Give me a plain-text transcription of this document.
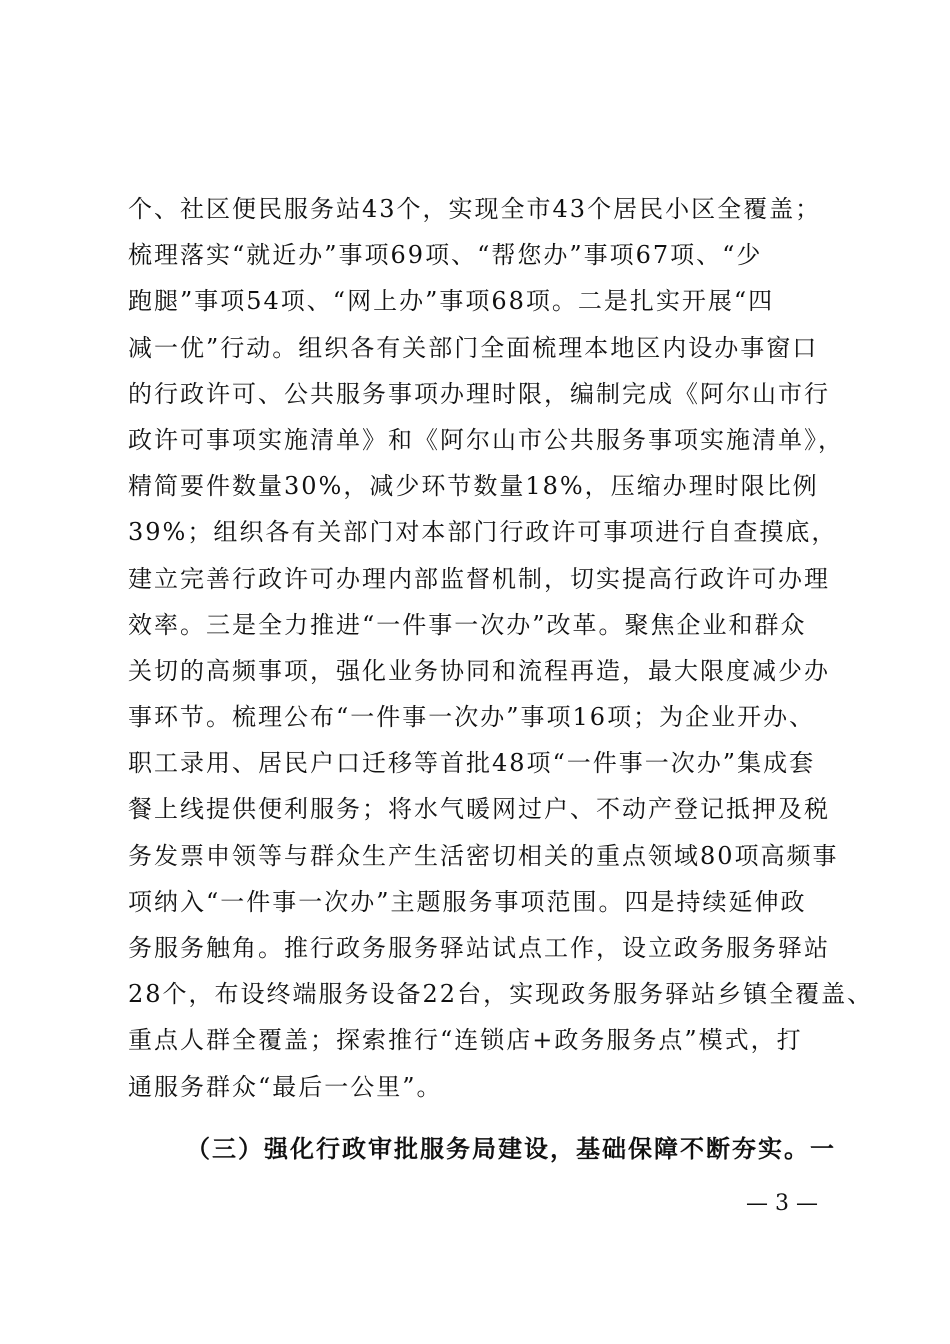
个、社区便民服务站43个，实现全市43个居民小区全覆盖；
梳理落实“就近办”事项69项、“帮您办”事项67项、“少
跑腿”事项54项、“网上办”事项68项。二是扎实开展“四
减一优”行动。组织各有关部门全面梳理本地区内设办事窗口
的行政许可、公共服务事项办理时限，编制完成《阿尔山市行
政许可事项实施清单》和《阿尔山市公共服务事项实施清单》，
精简要件数量30%，减少环节数量18%，压缩办理时限比例
39%；组织各有关部门对本部门行政许可事项进行自查摸底，
建立完善行政许可办理内部监督机制，切实提高行政许可办理
效率。三是全力推进“一件事一次办”改革。聚焦企业和群众
关切的高频事项，强化业务协同和流程再造，最大限度减少办
事环节。梳理公布“一件事一次办”事项16项；为企业开办、
职工录用、居民户口迁移等首批48项“一件事一次办”集成套
餐上线提供便利服务；将水气暖网过户、不动产登记抵押及税
务发票申领等与群众生产生活密切相关的重点领域80项高频事
项纳入“一件事一次办”主题服务事项范围。四是持续延伸政
务服务触角。推行政务服务驿站试点工作，设立政务服务驿站
28个，布设终端服务设备22台，实现政务服务驿站乡镇全覆盖、
重点人群全覆盖；探索推行“连锁店+政务服务点”模式，打
通服务群众“最后一公里”。
（三）强化行政审批服务局建设，基础保障不断夯实。一
— 3 —
